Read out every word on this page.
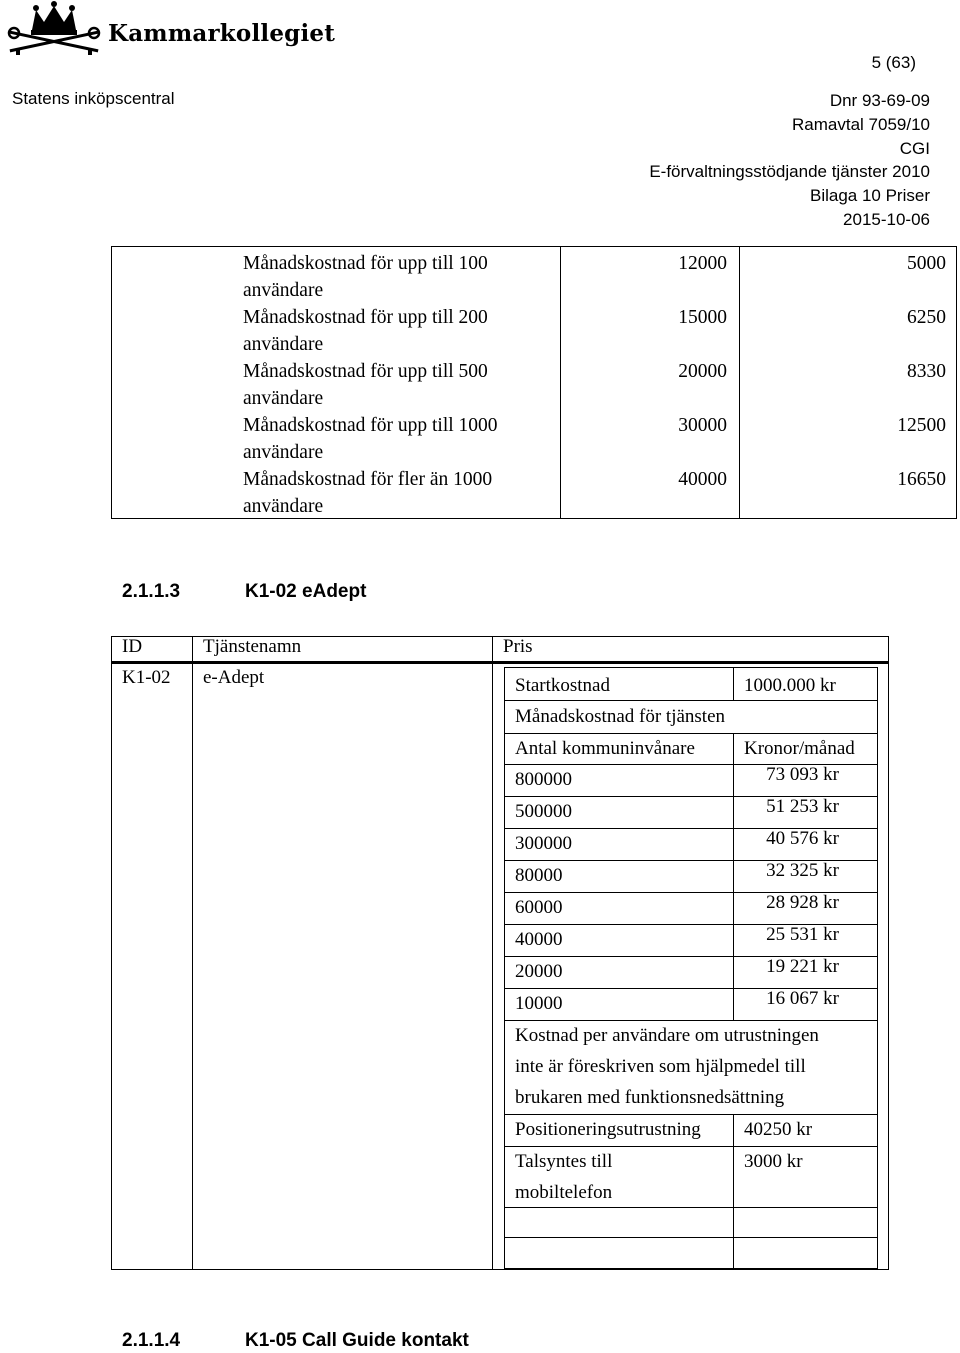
Kammarkollegiet
5 (63)
Statens inköpscentral	Dnr 93-69-09
Ramavtal 7059/10
CGI
E-förvaltningsstödjande tjänster 2010
Bilaga 10 Priser
2015-10-06
Månadskostnad för upp till 100
användare
12000	5000
Månadskostnad för upp till 200
användare
15000	6250
Månadskostnad för upp till 500
användare
20000	8330
Månadskostnad för upp till 1000
användare
30000	12500
Månadskostnad för fler än 1000
användare
40000	16650
2.1.1.3	K1-02 eAdept
ID	Tjänstenamn	Pris
K1-02 e-Adept	Startkostnad	1000.000 kr
Månadskostnad för tjänsten
Antal kommuninvånare	Kronor/månad
800000	73 093 kr
500000	51 253 kr
300000	40 576 kr
80000	32 325 kr
60000	28 928 kr
40000	25 531 kr
20000	19 221 kr
10000	16 067 kr
Kostnad per användare om utrustningen
inte är föreskriven som hjälpmedel till
brukaren med funktionsnedsättning
Positioneringsutrustning 40250 kr
Talsyntes till
mobiltelefon
3000 kr
2.1.1.4	K1-05 Call Guide kontakt
